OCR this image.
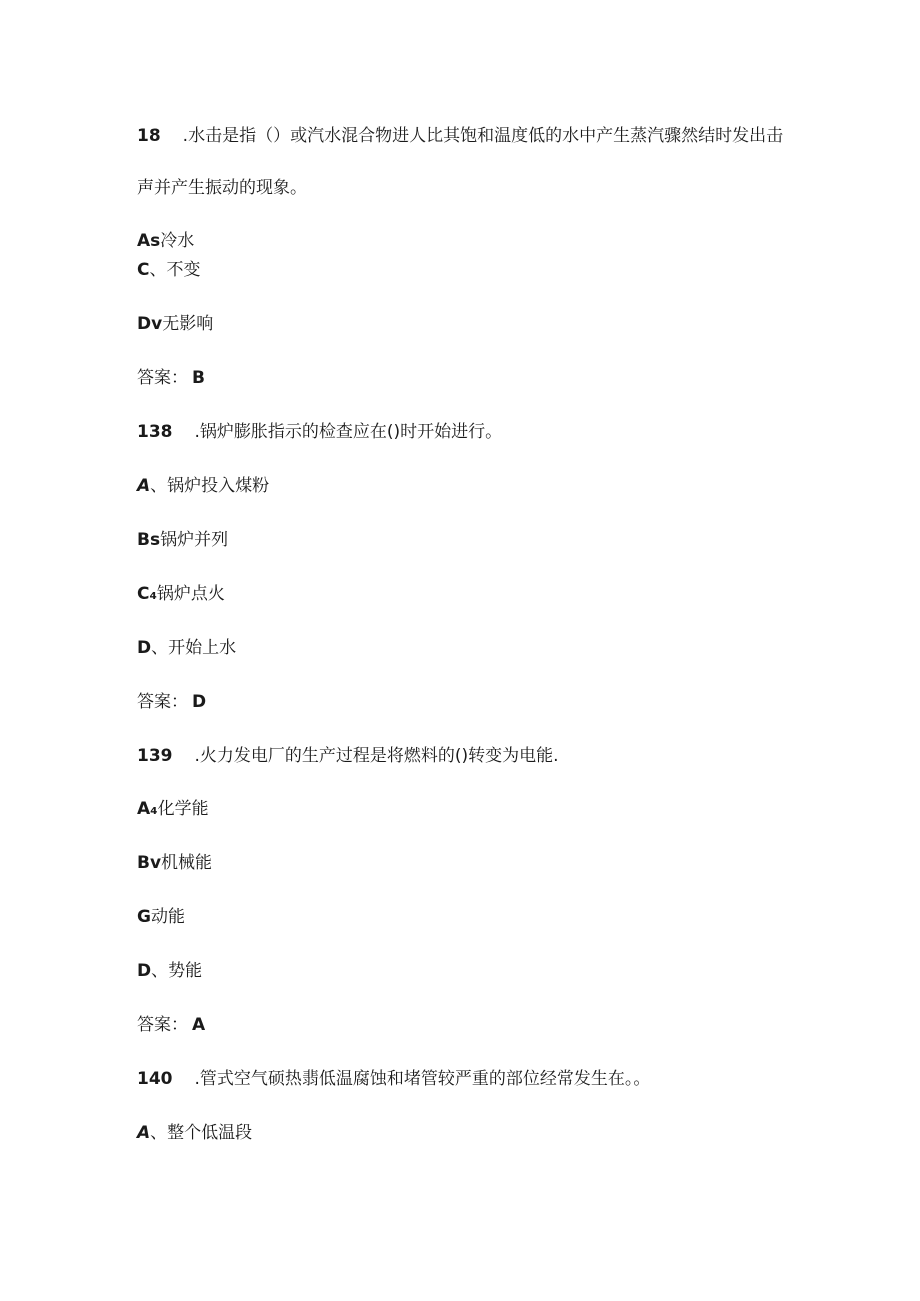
18 .水击是指（）或汽水混合物进人比其饱和温度低的水中产生蒸汽骤然结时发出击
声并产生振动的现象。
As冷水
C、不变
Dv无影响
答案： B
138 .锅炉膨胀指示的检查应在()时开始进行。
A、锅炉投入煤粉
Bs锅炉并列
C₄锅炉点火
D、开始上水
答案： D
139 .火力发电厂的生产过程是将燃料的()转变为电能.
A₄化学能
Bv机械能
G动能
D、势能
答案： A
140 .管式空气硕热翡低温腐蚀和堵管较严重的部位经常发生在。。
A、整个低温段
